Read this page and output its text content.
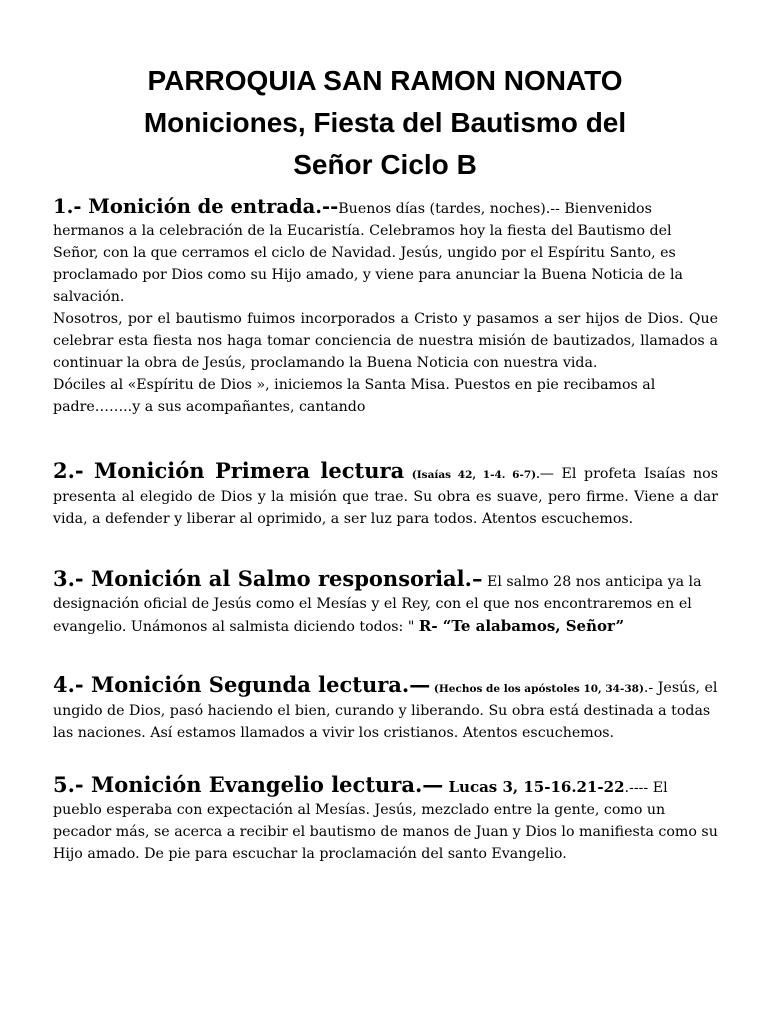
PARROQUIA SAN RAMON NONATO
Moniciones, Fiesta del Bautismo del
Señor Ciclo B

1.- Monición de entrada.--Buenos días (tardes, noches).-- Bienvenidos hermanos a la celebración de la Eucaristía. Celebramos hoy la fiesta del Bautismo del Señor, con la que cerramos el ciclo de Navidad. Jesús, ungido por el Espíritu Santo, es proclamado por Dios como su Hijo amado, y viene para anunciar la Buena Noticia de la salvación.

Nosotros, por el bautismo fuimos incorporados a Cristo y pasamos a ser hijos de Dios. Que celebrar esta fiesta nos haga tomar conciencia de nuestra misión de bautizados, llamados a continuar la obra de Jesús, proclamando la Buena Noticia con nuestra vida.

Dóciles al «Espíritu de Dios », iniciemos la Santa Misa. Puestos en pie recibamos al padre……..y a sus acompañantes, cantando

2.- Monición Primera lectura (Isaías 42, 1-4. 6-7).— El profeta Isaías nos presenta al elegido de Dios y la misión que trae. Su obra es suave, pero firme. Viene a dar vida, a defender y liberar al oprimido, a ser luz para todos. Atentos escuchemos.

3.- Monición al Salmo responsorial.– El salmo 28 nos anticipa ya la designación oficial de Jesús como el Mesías y el Rey, con el que nos encontraremos en el evangelio. Unámonos al salmista diciendo todos: " R- “Te alabamos, Señor”

4.- Monición Segunda lectura.— (Hechos de los apóstoles 10, 34-38).- Jesús, el ungido de Dios, pasó haciendo el bien, curando y liberando. Su obra está destinada a todas las naciones. Así estamos llamados a vivir los cristianos. Atentos escuchemos.

5.- Monición Evangelio lectura.— Lucas 3, 15-16.21-22.---- El pueblo esperaba con expectación al Mesías. Jesús, mezclado entre la gente, como un pecador más, se acerca a recibir el bautismo de manos de Juan y Dios lo manifiesta como su Hijo amado. De pie para escuchar la proclamación del santo Evangelio.
